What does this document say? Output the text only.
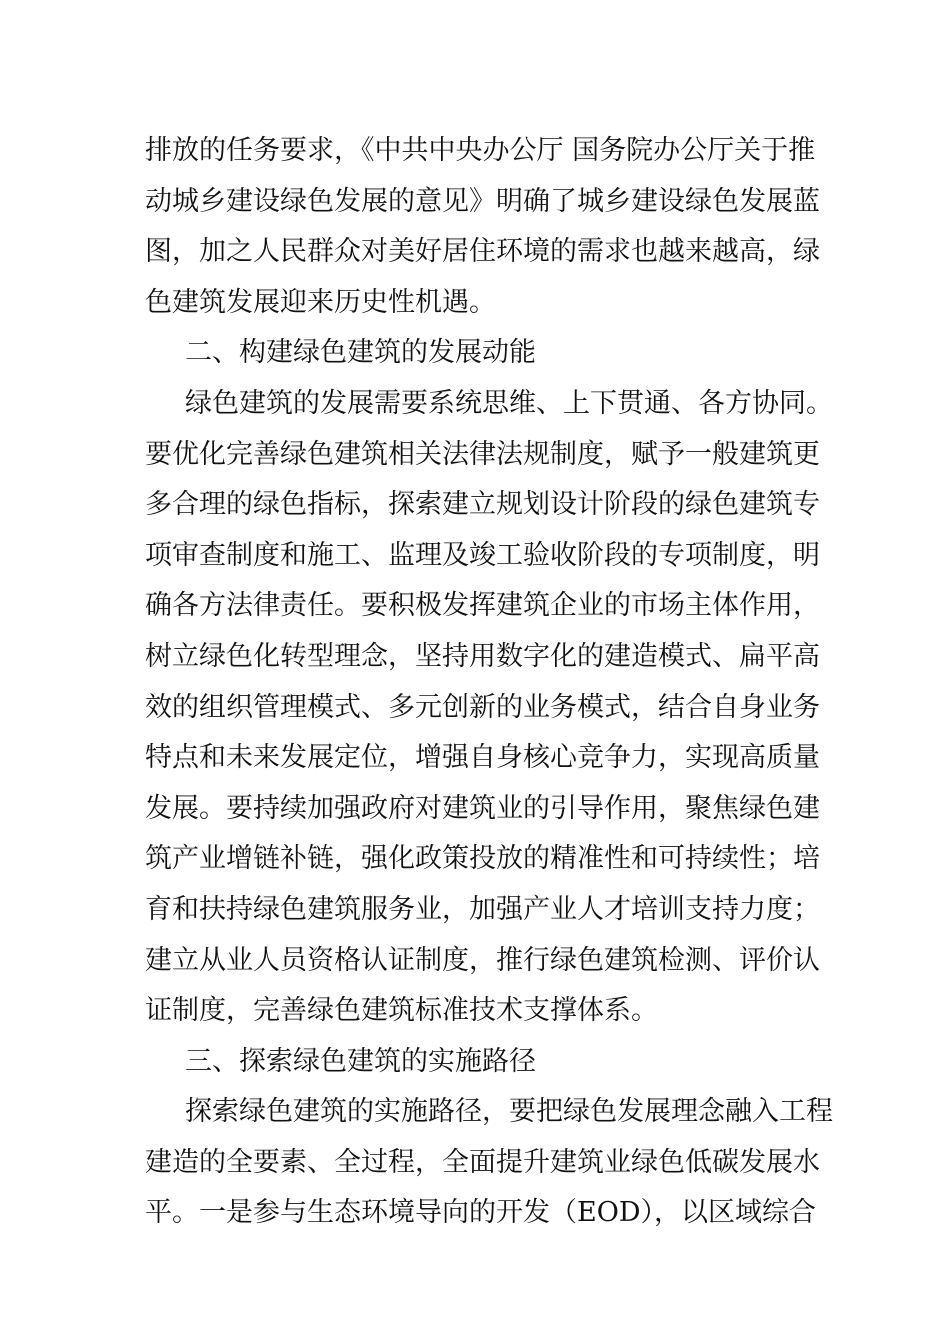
排放的任务要求，《中共中央办公厅 国务院办公厅关于推
动城乡建设绿色发展的意见》明确了城乡建设绿色发展蓝
图，加之人民群众对美好居住环境的需求也越来越高，绿
色建筑发展迎来历史性机遇。
二、构建绿色建筑的发展动能
绿色建筑的发展需要系统思维、上下贯通、各方协同。
要优化完善绿色建筑相关法律法规制度，赋予一般建筑更
多合理的绿色指标，探索建立规划设计阶段的绿色建筑专
项审查制度和施工、监理及竣工验收阶段的专项制度，明
确各方法律责任。要积极发挥建筑企业的市场主体作用，
树立绿色化转型理念，坚持用数字化的建造模式、扁平高
效的组织管理模式、多元创新的业务模式，结合自身业务
特点和未来发展定位，增强自身核心竞争力，实现高质量
发展。要持续加强政府对建筑业的引导作用，聚焦绿色建
筑产业增链补链，强化政策投放的精准性和可持续性；培
育和扶持绿色建筑服务业，加强产业人才培训支持力度；
建立从业人员资格认证制度，推行绿色建筑检测、评价认
证制度，完善绿色建筑标准技术支撑体系。
三、探索绿色建筑的实施路径
探索绿色建筑的实施路径，要把绿色发展理念融入工程
建造的全要素、全过程，全面提升建筑业绿色低碳发展水
平。一是参与生态环境导向的开发（EOD），以区域综合
